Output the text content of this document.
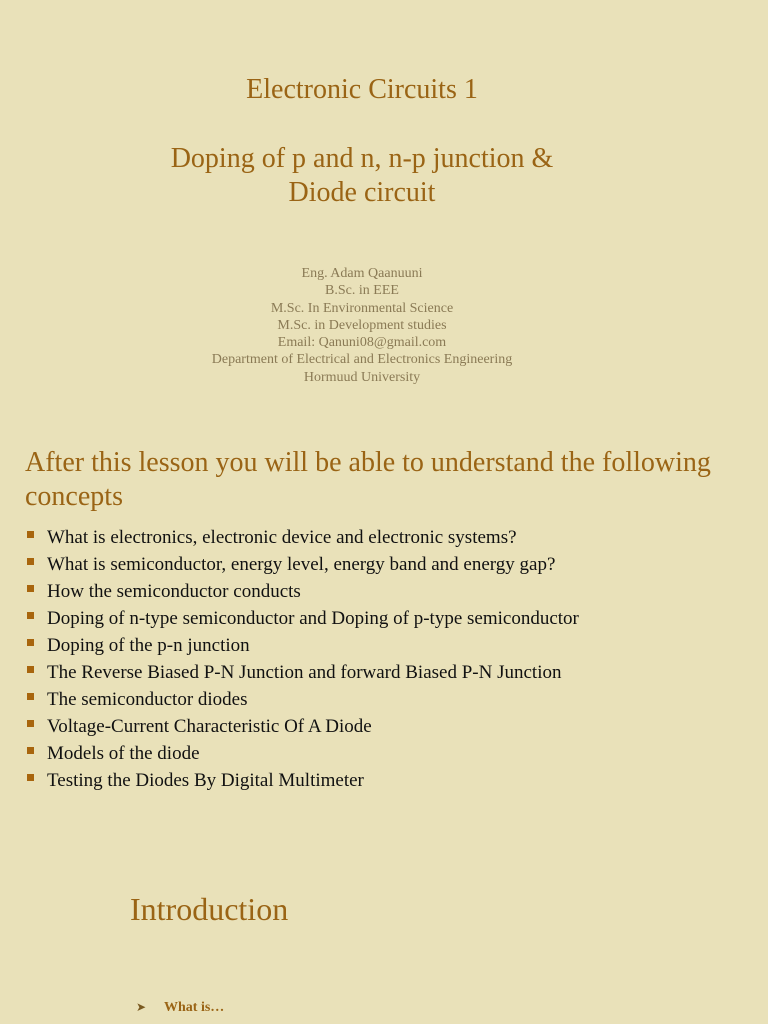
Electronic Circuits 1
Doping of p and n, n-p junction &
Diode circuit
Eng. Adam Qaanuuni
B.Sc. in EEE
M.Sc. In Environmental Science
M.Sc. in Development studies
Email: Qanuni08@gmail.com
Department of Electrical and Electronics Engineering
Hormuud University
After this lesson you will be able to understand the following concepts
What is electronics, electronic device and electronic systems?
What is semiconductor, energy level, energy band and energy gap?
How the semiconductor conducts
Doping of n-type semiconductor and Doping of p-type semiconductor
Doping of the p-n junction
The Reverse Biased P-N Junction and forward Biased P-N Junction
The semiconductor diodes
Voltage-Current Characteristic Of A Diode
Models of the diode
Testing the Diodes By Digital Multimeter
Introduction
➤ What is…
